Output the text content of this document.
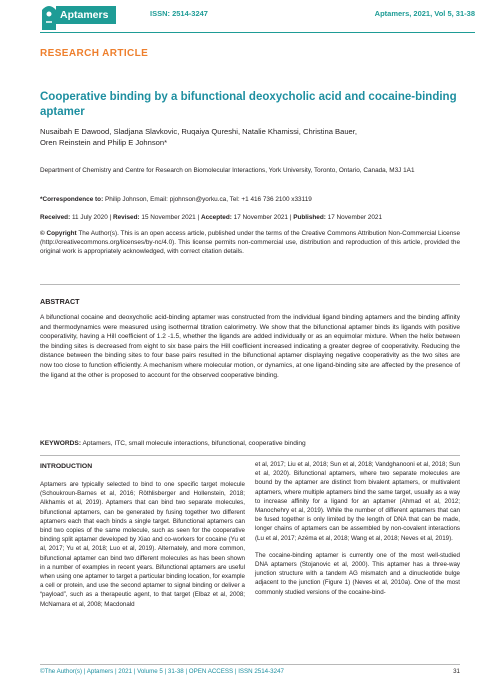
Aptamers	ISSN: 2514-3247	Aptamers, 2021, Vol 5, 31-38
RESEARCH ARTICLE
Cooperative binding by a bifunctional deoxycholic acid and cocaine-binding aptamer
Nusaibah E Dawood, Sladjana Slavkovic, Ruqaiya Qureshi, Natalie Khamissi, Christina Bauer,
Oren Reinstein and Philip E Johnson*
Department of Chemistry and Centre for Research on Biomolecular Interactions, York University, Toronto, Ontario, Canada, M3J 1A1
*Correspondence to: Philip Johnson, Email: pjohnson@yorku.ca, Tel: +1 416 736 2100 x33119
Received: 11 July 2020 | Revised: 15 November 2021 | Accepted: 17 November 2021 | Published: 17 November 2021
© Copyright The Author(s). This is an open access article, published under the terms of the Creative Commons Attribution Non-Commercial License (http://creativecommons.org/licenses/by-nc/4.0). This license permits non-commercial use, distribution and reproduction of this article, provided the original work is appropriately acknowledged, with correct citation details.
ABSTRACT

A bifunctional cocaine and deoxycholic acid-binding aptamer was constructed from the individual ligand binding aptamers and the binding affinity and thermodynamics were measured using isothermal titration calorimetry. We show that the bifunctional aptamer binds its ligands with positive cooperativity, having a Hill coefficient of 1.2 -1.5, whether the ligands are added individually or as an equimolar mixture. When the helix between the binding sites is decreased from eight to six base pairs the Hill coefficient increased indicating a greater degree of cooperativity. Reducing the distance between the binding sites to four base pairs resulted in the bifunctional aptamer displaying negative cooperativity as the two sites are now too close to function efficiently. A mechanism where molecular motion, or dynamics, at one ligand-binding site are affected by the presence of the ligand at the other is proposed to account for the observed cooperative binding.

KEYWORDS: Aptamers, ITC, small molecule interactions, bifunctional, cooperative binding
INTRODUCTION

Aptamers are typically selected to bind to one specific target molecule (Schoukroun-Barnes et al, 2016; Röthlisberger and Hollenstein, 2018; Alkhamis et al, 2019). Aptamers that can bind two separate molecules, bifunctional aptamers, can be generated by fusing together two different aptamers each that each binds a single target. Bifunctional aptamers can bind two copies of the same molecule, such as seen for the cooperative binding split aptamer developed by Xiao and co-workers for cocaine (Yu et al, 2017; Yu et al, 2018; Luo et al, 2019). Alternately, and more common, bifunctional aptamer can bind two different molecules as has been shown in a number of examples in recent years. Bifunctional aptamers are useful when using one aptamer to target a particular binding location, for example a cell or protein, and use the second aptamer to signal binding or deliver a “payload”, such as a therapeutic agent, to that target (Elbaz et al, 2008; McNamara et al, 2008; Macdonald

et al, 2017; Liu et al, 2018; Sun et al, 2018; Vandghanooni et al, 2018; Sun et al, 2020). Bifunctional aptamers, where two separate molecules are bound by the aptamer are distinct from bivalent aptamers, or multivalent aptamers, where multiple aptamers bind the same target, usually as a way to increase affinity for a ligand for an aptamer (Ahmad et al, 2012; Manochehry et al, 2019). While the number of different aptamers that can be fused together is only limited by the length of DNA that can be made, longer chains of aptamers can be assembled by non-covalent interactions (Lu et al, 2017; Azéma et al, 2018; Wang et al, 2018; Neves et al, 2019).

The cocaine-binding aptamer is currently one of the most well-studied DNA aptamers (Stojanovic et al, 2000). This aptamer has a three-way junction structure with a tandem AG mismatch and a dinucleotide bulge adjacent to the junction (Figure 1) (Neves et al, 2010a). One of the most commonly studied versions of the cocaine-bind-

©The Author(s) | Aptamers | 2021 | Volume 5 | 31-38 | OPEN ACCESS | ISSN 2514-3247	31
